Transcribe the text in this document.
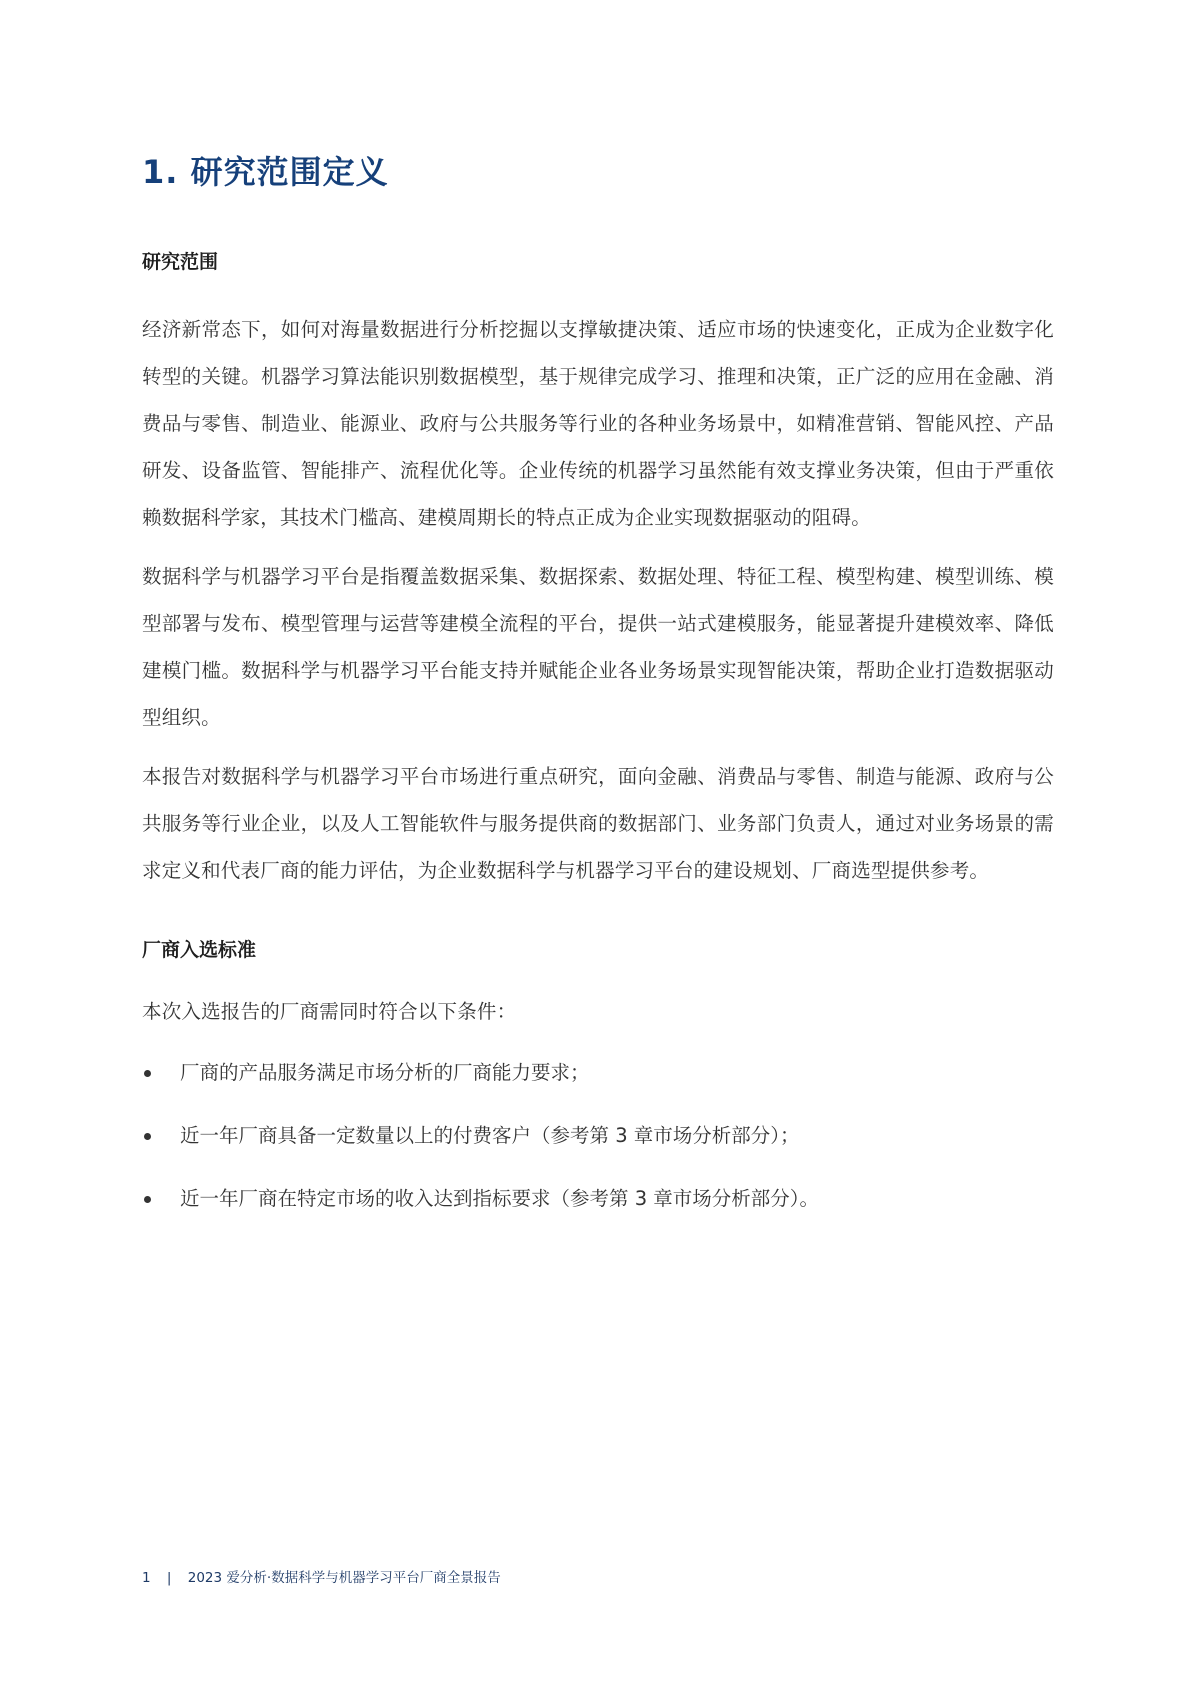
1. 研究范围定义
研究范围

经济新常态下，如何对海量数据进行分析挖掘以支撑敏捷决策、适应市场的快速变化，正成为企业数字化转型的关键。机器学习算法能识别数据模型，基于规律完成学习、推理和决策，正广泛的应用在金融、消费品与零售、制造业、能源业、政府与公共服务等行业的各种业务场景中，如精准营销、智能风控、产品研发、设备监管、智能排产、流程优化等。企业传统的机器学习虽然能有效支撑业务决策，但由于严重依赖数据科学家，其技术门槛高、建模周期长的特点正成为企业实现数据驱动的阻碍。

数据科学与机器学习平台是指覆盖数据采集、数据探索、数据处理、特征工程、模型构建、模型训练、模型部署与发布、模型管理与运营等建模全流程的平台，提供一站式建模服务，能显著提升建模效率、降低建模门槛。数据科学与机器学习平台能支持并赋能企业各业务场景实现智能决策，帮助企业打造数据驱动型组织。

本报告对数据科学与机器学习平台市场进行重点研究，面向金融、消费品与零售、制造与能源、政府与公共服务等行业企业，以及人工智能软件与服务提供商的数据部门、业务部门负责人，通过对业务场景的需求定义和代表厂商的能力评估，为企业数据科学与机器学习平台的建设规划、厂商选型提供参考。

厂商入选标准

本次入选报告的厂商需同时符合以下条件：

厂商的产品服务满足市场分析的厂商能力要求；
近一年厂商具备一定数量以上的付费客户（参考第 3 章市场分析部分）；
近一年厂商在特定市场的收入达到指标要求（参考第 3 章市场分析部分）。
1 | 2023 爱分析·数据科学与机器学习平台厂商全景报告
